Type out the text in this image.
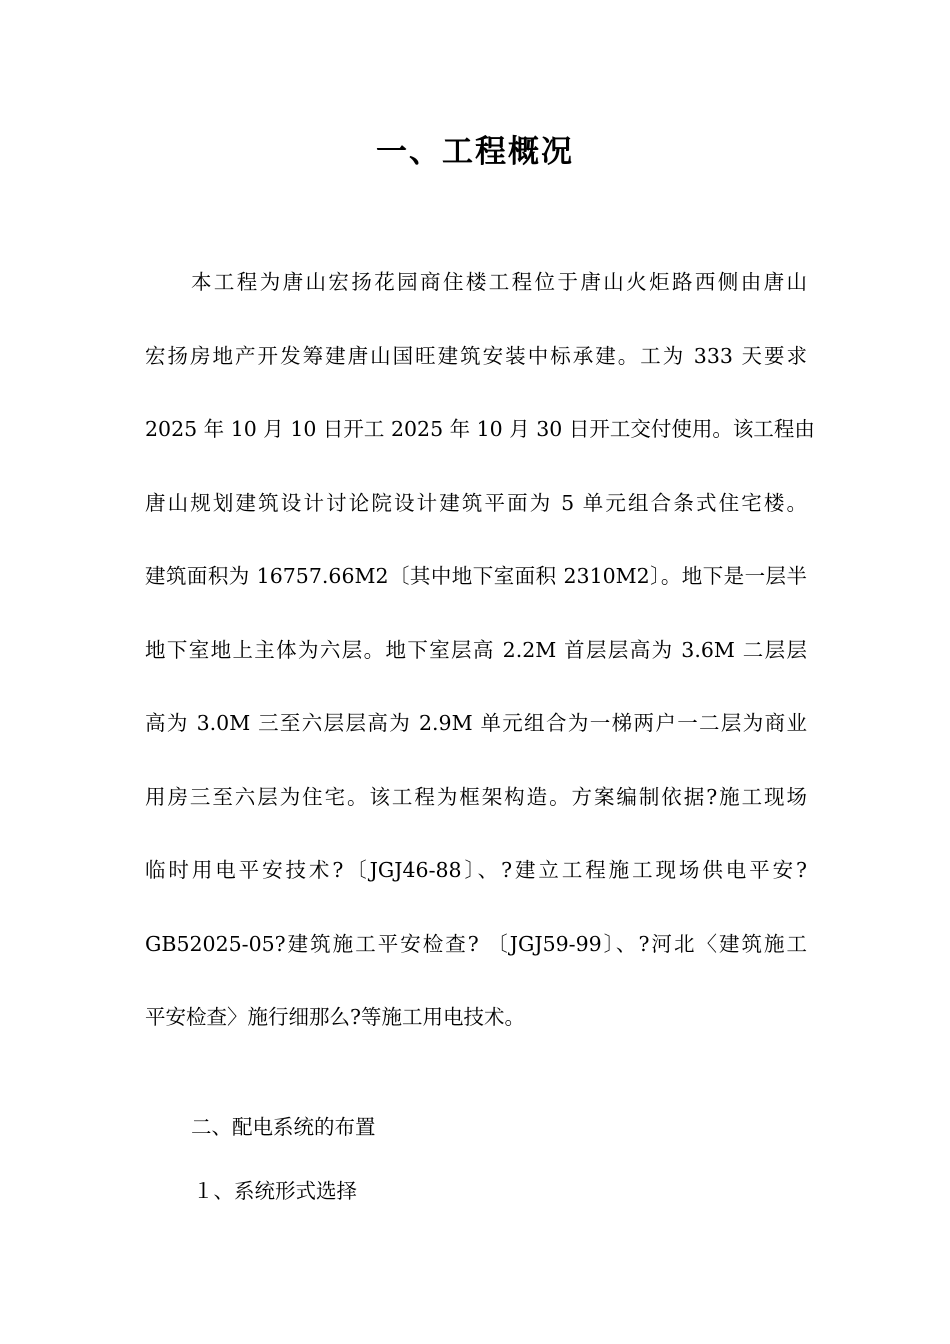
一、工程概况
本工程为唐山宏扬花园商住楼工程位于唐山火炬路西侧由唐山
宏扬房地产开发筹建唐山国旺建筑安装中标承建。工为 333 天要求
2025 年 10 月 10 日开工 2025 年 10 月 30 日开工交付使用。该工程由
唐山规划建筑设计讨论院设计建筑平面为 5 单元组合条式住宅楼。
建筑面积为 16757.66M2〔其中地下室面积 2310M2〕。地下是一层半
地下室地上主体为六层。地下室层高 2.2M 首层层高为 3.6M 二层层
高为 3.0M 三至六层层高为 2.9M 单元组合为一梯两户一二层为商业
用房三至六层为住宅。该工程为框架构造。方案编制依据?施工现场
临时用电平安技术?〔JGJ46-88〕、?建立工程施工现场供电平安?
GB52025-05?建筑施工平安检查? 〔JGJ59-99〕、?河北〈建筑施工
平安检查〉施行细那么?等施工用电技术。
二、配电系统的布置
１、系统形式选择
